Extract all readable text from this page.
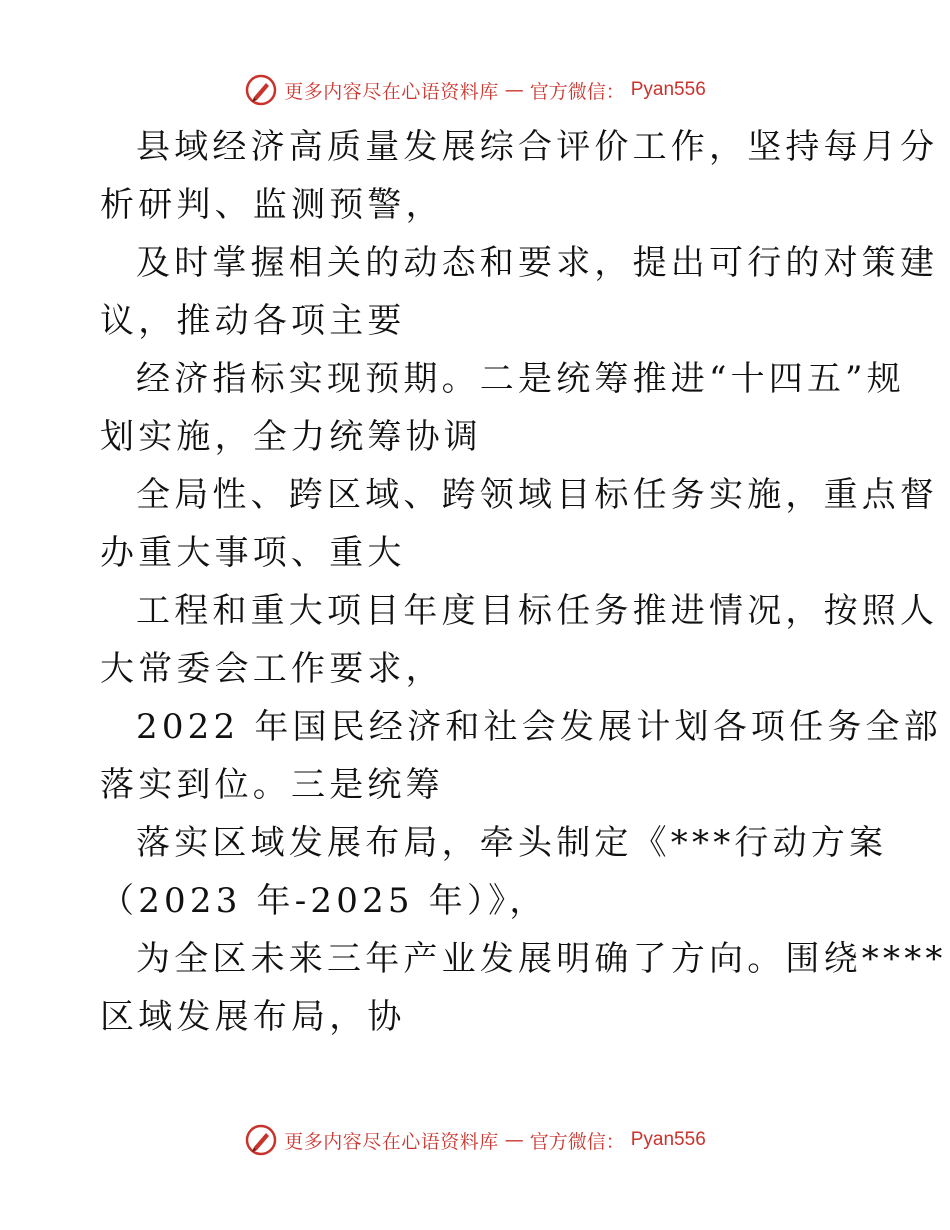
更多内容尽在心语资料库 — 官方微信： Pyan556
县域经济高质量发展综合评价工作，坚持每月分
析研判、监测预警，
及时掌握相关的动态和要求，提出可行的对策建
议，推动各项主要
经济指标实现预期。二是统筹推进“十四五”规
划实施，全力统筹协调
全局性、跨区域、跨领域目标任务实施，重点督
办重大事项、重大
工程和重大项目年度目标任务推进情况，按照人
大常委会工作要求，
2022 年国民经济和社会发展计划各项任务全部
落实到位。三是统筹
落实区域发展布局，牵头制定《***行动方案
（2023 年-2025 年）》，
为全区未来三年产业发展明确了方向。围绕****
区域发展布局，协
更多内容尽在心语资料库 — 官方微信： Pyan556
